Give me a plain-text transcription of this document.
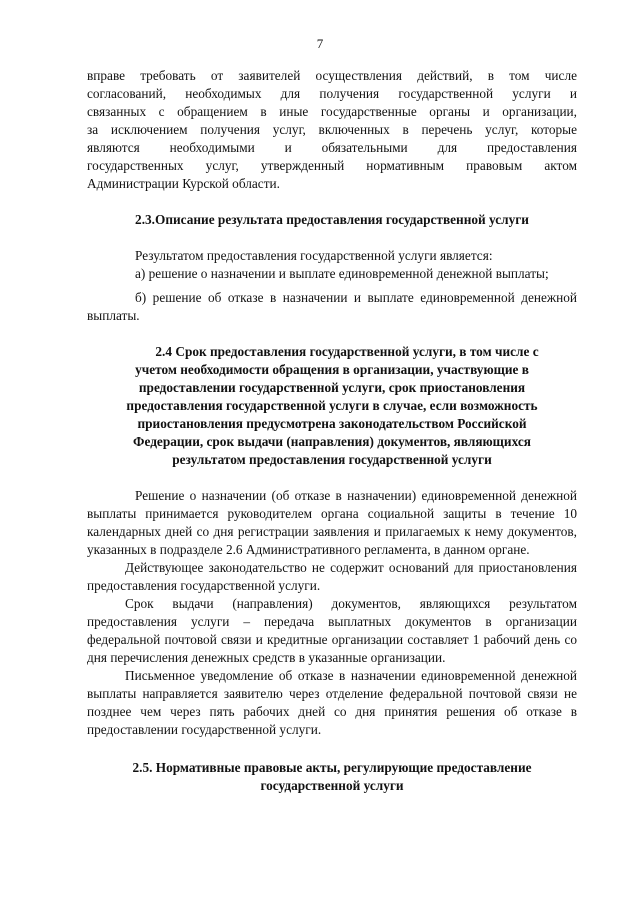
7

вправе требовать от заявителей осуществления действий, в том числе

согласований, необходимых для получения государственной услуги и

связанных с обращением в иные государственные органы и организации,

за исключением получения услуг, включенных в перечень услуг, которые

являются необходимыми и обязательными для предоставления

государственных услуг, утвержденный нормативным правовым актом

Администрации Курской области.

2.3.Описание результата предоставления государственной услуги

Результатом предоставления государственной услуги является:

а) решение о назначении и выплате единовременной денежной выплаты;

б) решение об отказе в назначении и выплате единовременной денежной выплаты.

2.4 Срок предоставления государственной услуги, в том числе с
учетом необходимости обращения в организации, участвующие в
предоставлении государственной услуги, срок приостановления
предоставления государственной услуги в случае, если возможность
приостановления предусмотрена законодательством Российской
Федерации, срок выдачи (направления) документов, являющихся
результатом предоставления государственной услуги

Решение о назначении (об отказе в назначении) единовременной денежной выплаты принимается руководителем органа социальной защиты в течение 10 календарных дней со дня регистрации заявления и прилагаемых к нему документов, указанных в подразделе 2.6 Административного регламента, в данном органе.

Действующее законодательство не содержит оснований для приостановления предоставления государственной услуги.

Срок выдачи (направления) документов, являющихся результатом предоставления услуги – передача выплатных документов в организации федеральной почтовой связи и кредитные организации составляет 1 рабочий день со дня перечисления денежных средств в указанные организации.

Письменное уведомление об отказе в назначении единовременной денежной выплаты направляется заявителю через отделение федеральной почтовой связи не позднее чем через пять рабочих дней со дня принятия решения об отказе в предоставлении государственной услуги.

2.5. Нормативные правовые акты, регулирующие предоставление
государственной услуги
